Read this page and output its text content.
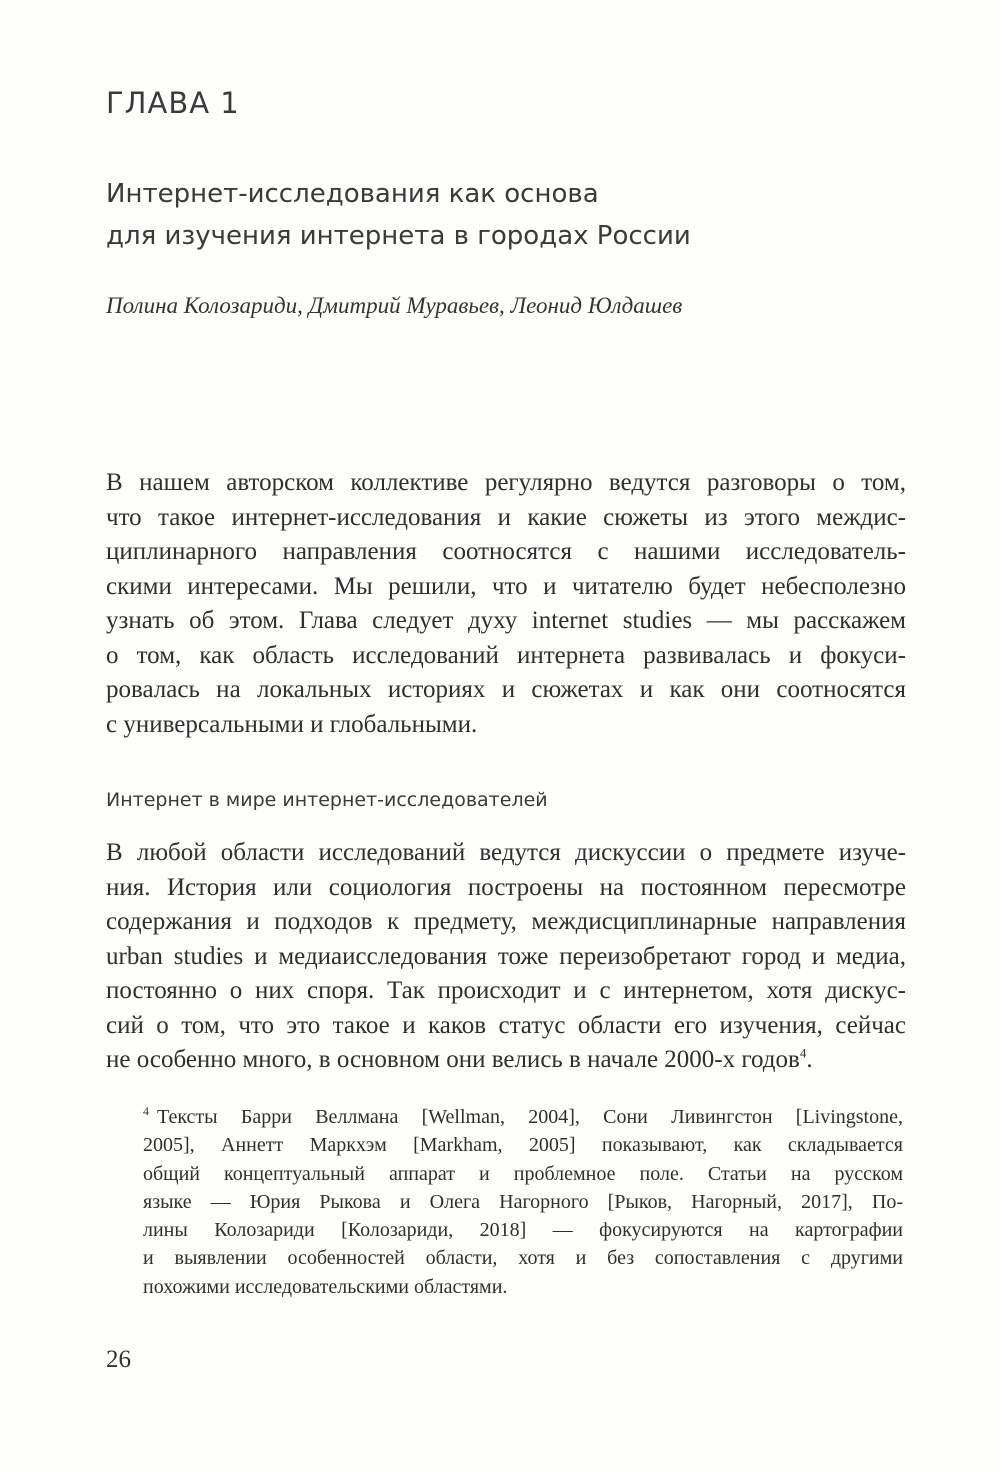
ГЛАВА 1
Интернет-исследования как основа
для изучения интернета в городах России
Полина Колозариди, Дмитрий Муравьев, Леонид Юлдашев
В нашем авторском коллективе регулярно ведутся разговоры о том,
что такое интернет-исследования и какие сюжеты из этого междис-
циплинарного направления соотносятся с нашими исследователь-
скими интересами. Мы решили, что и читателю будет небесполезно
узнать об этом. Глава следует духу internet studies — мы расскажем
о том, как область исследований интернета развивалась и фокуси-
ровалась на локальных историях и сюжетах и как они соотносятся
с универсальными и глобальными.
Интернет в мире интернет-исследователей
В любой области исследований ведутся дискуссии о предмете изуче-
ния. История или социология построены на постоянном пересмотре
содержания и подходов к предмету, междисциплинарные направления
urban studies и медиаисследования тоже переизобретают город и медиа,
постоянно о них споря. Так происходит и с интернетом, хотя дискус-
сий о том, что это такое и каков статус области его изучения, сейчас
не особенно много, в основном они велись в начале 2000-х годов$^4$.
$^4$ Тексты Барри Веллмана [Wellman, 2004], Сони Ливингстон [Livingstone,
2005], Аннетт Маркхэм [Markham, 2005] показывают, как складывается
общий концептуальный аппарат и проблемное поле. Статьи на русском
языке — Юрия Рыкова и Олега Нагорного [Рыков, Нагорный, 2017], По-
лины Колозариди [Колозариди, 2018] — фокусируются на картографии
и выявлении особенностей области, хотя и без сопоставления с другими
похожими исследовательскими областями.
26
